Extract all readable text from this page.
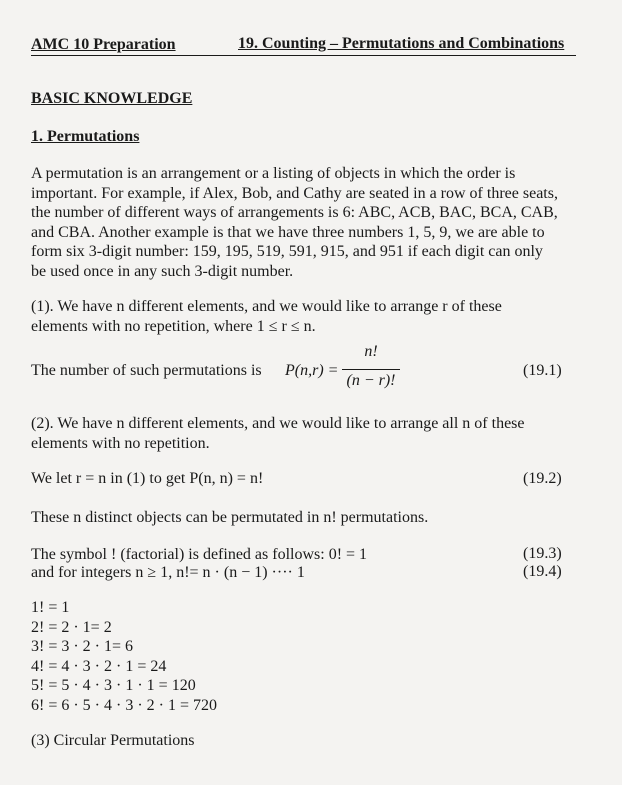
AMC 10 Preparation	19. Counting – Permutations and Combinations
BASIC KNOWLEDGE
1. Permutations
A permutation is an arrangement or a listing of objects in which the order is
important. For example, if Alex, Bob, and Cathy are seated in a row of three seats,
the number of different ways of arrangements is 6: ABC, ACB, BAC, BCA, CAB,
and CBA. Another example is that we have three numbers 1, 5, 9, we are able to
form six 3-digit number: 159, 195, 519, 591, 915, and 951 if each digit can only
be used once in any such 3-digit number.
(1). We have n different elements, and we would like to arrange r of these
elements with no repetition, where 1 ≤ r ≤ n.
The number of such permutations is P(n,r) =
n!
(n − r)!
(19.1)
(2). We have n different elements, and we would like to arrange all n of these
elements with no repetition.
We let r = n in (1) to get P(n, n) = n!	(19.2)
These n distinct objects can be permutated in n! permutations.
The symbol ! (factorial) is defined as follows: 0! = 1	(19.3)
and for integers n ≥ 1, n!= n · (n − 1) ···· 1	(19.4)
1! = 1
2! = 2 · 1= 2
3! = 3 · 2 · 1= 6
4! = 4 · 3 · 2 · 1 = 24
5! = 5 · 4 · 3 · 1 · 1 = 120
6! = 6 · 5 · 4 · 3 · 2 · 1 = 720
(3) Circular Permutations
